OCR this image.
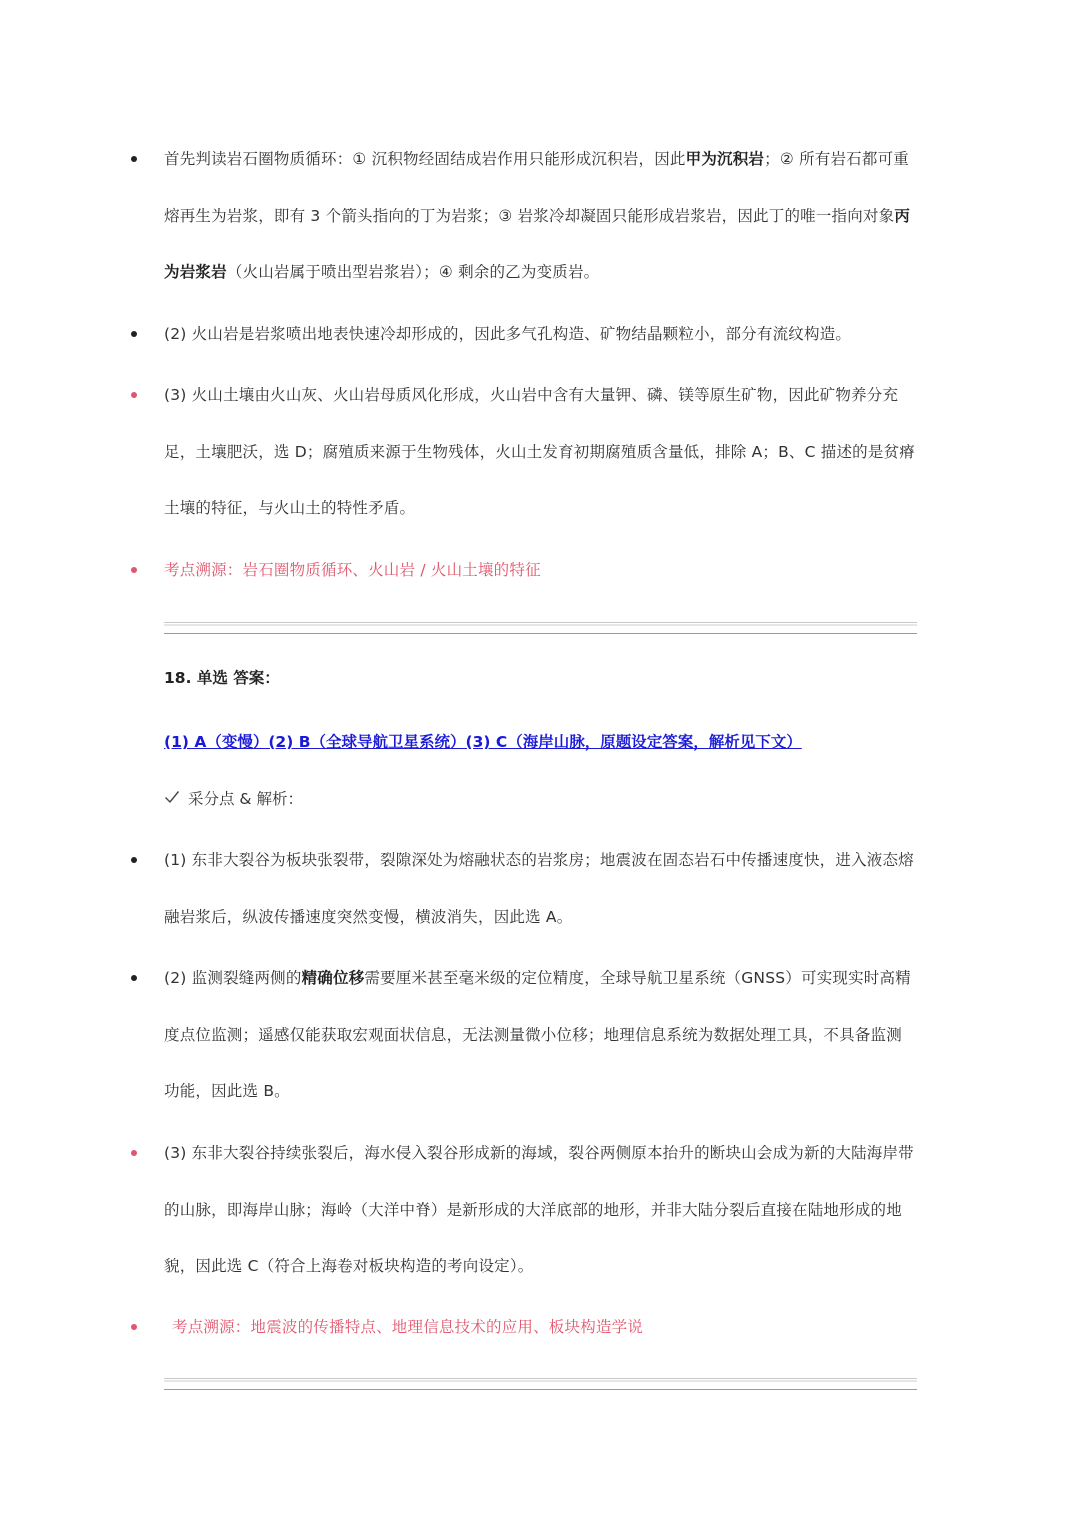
首先判读岩石圈物质循环：① 沉积物经固结成岩作用只能形成沉积岩，因此甲为沉积岩；② 所有岩石都可重熔再生为岩浆，即有 3 个箭头指向的丁为岩浆；③ 岩浆冷却凝固只能形成岩浆岩，因此丁的唯一指向对象丙为岩浆岩（火山岩属于喷出型岩浆岩）；④ 剩余的乙为变质岩。
(2) 火山岩是岩浆喷出地表快速冷却形成的，因此多气孔构造、矿物结晶颗粒小，部分有流纹构造。
(3) 火山土壤由火山灰、火山岩母质风化形成，火山岩中含有大量钾、磷、镁等原生矿物，因此矿物养分充足，土壤肥沃，选 D；腐殖质来源于生物残体，火山土发育初期腐殖质含量低，排除 A；B、C 描述的是贫瘠土壤的特征，与火山土的特性矛盾。
考点溯源：岩石圈物质循环、火山岩 / 火山土壤的特征
18. 单选 答案：
(1) A（变慢）(2) B（全球导航卫星系统）(3) C（海岸山脉，原题设定答案，解析见下文）
采分点 & 解析：
(1) 东非大裂谷为板块张裂带，裂隙深处为熔融状态的岩浆房；地震波在固态岩石中传播速度快，进入液态熔融岩浆后，纵波传播速度突然变慢，横波消失，因此选 A。
(2) 监测裂缝两侧的精确位移需要厘米甚至毫米级的定位精度，全球导航卫星系统（GNSS）可实现实时高精度点位监测；遥感仅能获取宏观面状信息，无法测量微小位移；地理信息系统为数据处理工具，不具备监测功能，因此选 B。
(3) 东非大裂谷持续张裂后，海水侵入裂谷形成新的海域，裂谷两侧原本抬升的断块山会成为新的大陆海岸带的山脉，即海岸山脉；海岭（大洋中脊）是新形成的大洋底部的地形，并非大陆分裂后直接在陆地形成的地貌，因此选 C（符合上海卷对板块构造的考向设定）。
考点溯源：地震波的传播特点、地理信息技术的应用、板块构造学说
